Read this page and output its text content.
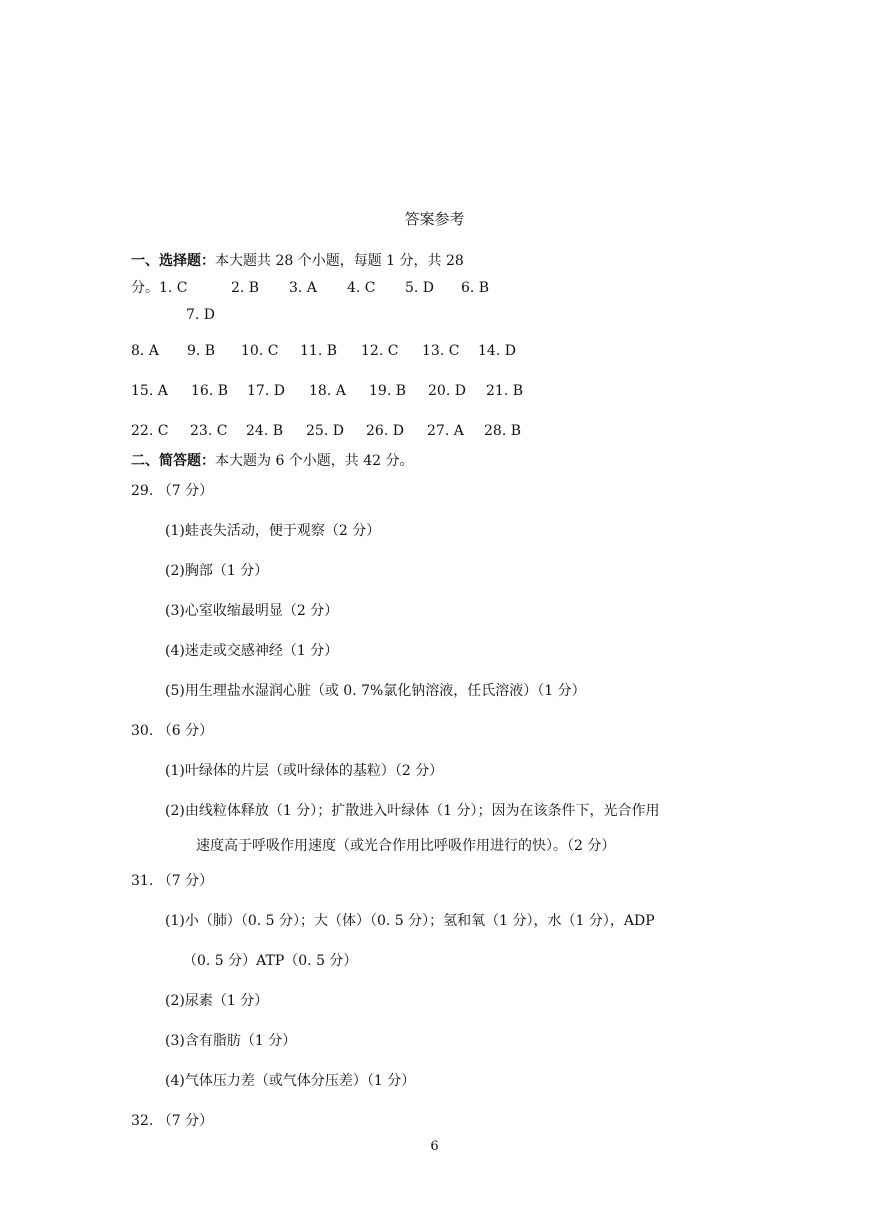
答案参考
一、选择题：本大题共 28 个小题，每题 1 分，共 28
分。1. C	2. B 3. A 4. C 5. D 6. B
7. D
8. A 9. B 10. C 11. B 12. C 13. C 14. D
15. A 16. B 17. D 18. A 19. B 20. D 21. B
22. C 23. C 24. B 25. D 26. D 27. A 28. B
二、简答题：本大题为 6 个小题，共 42 分。
29. （7 分）
(1)蛙丧失活动，便于观察（2 分）
(2)胸部（1 分）
(3)心室收缩最明显（2 分）
(4)迷走或交感神经（1 分）
(5)用生理盐水湿润心脏（或 0. 7%氯化钠溶液，任氏溶液）（1 分）
30. （6 分）
(1)叶绿体的片层（或叶绿体的基粒）（2 分）
(2)由线粒体释放（1 分）；扩散进入叶绿体（1 分）；因为在该条件下，光合作用
速度高于呼吸作用速度（或光合作用比呼吸作用进行的快）。（2 分）
31. （7 分）
(1)小（肺）（0. 5 分）；大（体）（0. 5 分）；氢和氧（1 分），水（1 分），ADP
（0. 5 分）ATP（0. 5 分）
(2)尿素（1 分）
(3)含有脂肪（1 分）
(4)气体压力差（或气体分压差）（1 分）
32. （7 分）
6
